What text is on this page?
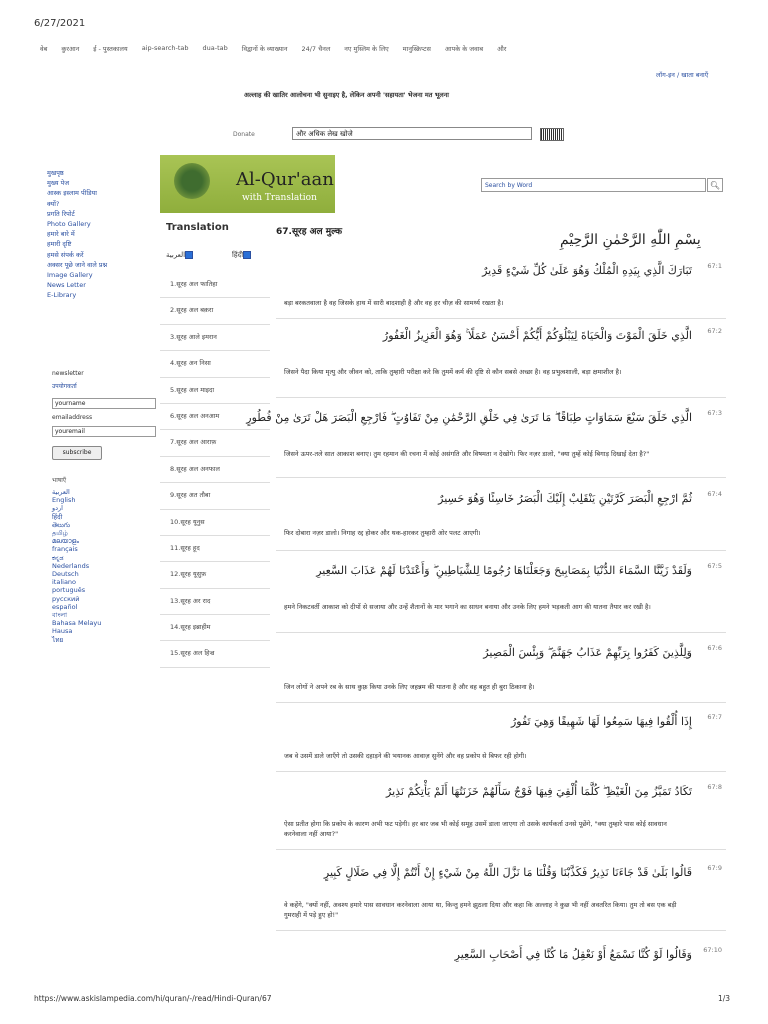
6/27/2021
वेब कुरआन ई - पुस्तकालय aip-search-tab dua-tab विद्वानों के व्याख्यान 24/7 चैनल नए मुस्लिम के लिए मानुस्क्रिप्टस आपके के जवाब और
लॉग-इन / खाता बनाएँ
अल्लाह की खातिर आलोचना भी सुनाइए है, लेकिन अपनी 'सहायता' भेजना मत भूलना
Donate	और अधिक लेख खोजे
मुखपृष्ठ
मुख्य पेज
आस्क इस्लाम पीडिया
क्यों?
प्रगति रिपोर्ट
Photo Gallery
हमारे बारे में
हमारी दृष्टि
हमसे संपर्क करें
अक्सर पूछे जाने वाले प्रश्न
Image Gallery
News Letter
E-Library
newsletter
उपयोगकर्ता
yourname
emailaddress
youremail
subscribe
भाषाएँ
العربية
English
اردو
हिंदी
తెలుగు
தமிழ்
മലയാളം
français
ಕನ್ನಡ
Nederlands
Deutsch
italiano
português
русский
español
বাংলা
Bahasa Melayu
Hausa
ไทย
Al-Qur'aan
with Translation
Search by Word	🔍︎
Translation
العربية	हिंदी
1.सूरह अल फातिहा
2.सूरह अल बक़रा
3.सूरह आले इमरान
4.सूरह अन निसा
5.सूरह अल माइदा
6.सूरह अल अनआम
7.सूरह अल आराफ़
8.सूरह अल अनफाल
9.सूरह अत तौबा
10.सूरह यूनुस
11.सूरह हूद
12.सूरह यूसुफ़
13.सूरह अर राद
14.सूरह इब्राहीम
15.सूरह अल हिज्र
67.सूरह अल मुल्क	بِسْمِ اللّٰهِ الرَّحْمٰنِ الرَّحِيْمِ
67:1
تَبَارَكَ الَّذِي بِيَدِهِ الْمُلْكُ وَهُوَ عَلَىٰ كُلِّ شَيْءٍ قَدِيرٌ
बड़ा बरकतवाला है वह जिसके हाथ में सारी बादशाही है और वह हर चीज़ की सामर्थ्य रखता है।
67:2
الَّذِي خَلَقَ الْمَوْتَ وَالْحَيَاةَ لِيَبْلُوَكُمْ أَيُّكُمْ أَحْسَنُ عَمَلًا ۚ وَهُوَ الْعَزِيزُ الْغَفُورُ
जिसने पैदा किया मृत्यु और जीवन को, ताकि तुम्हारी परीक्षा करे कि तुममें कर्म की दृष्टि से कौन सबसे अच्छा है। वह प्रभुत्वशाली, बड़ा क्षमाशील है।
67:3
الَّذِي خَلَقَ سَبْعَ سَمَاوَاتٍ طِبَاقًا ۖ مَا تَرَىٰ فِي خَلْقِ الرَّحْمَٰنِ مِنْ تَفَاوُتٍ ۖ فَارْجِعِ الْبَصَرَ هَلْ تَرَىٰ مِنْ فُطُورٍ
जिसने ऊपर-तले सात आकाश बनाए। तुम रहमान की रचना में कोई असंगति और विषमता न देखोगे। फिर नज़र डालो, "क्या तुम्हें कोई बिगाड़ दिखाई देता है?"
67:4
ثُمَّ ارْجِعِ الْبَصَرَ كَرَّتَيْنِ يَنْقَلِبْ إِلَيْكَ الْبَصَرُ خَاسِئًا وَهُوَ حَسِيرٌ
फिर दोबारा नज़र डालो। निगाह रद्द होकर और थक-हारकर तुम्हारी ओर पलट आएगी।
67:5
وَلَقَدْ زَيَّنَّا السَّمَاءَ الدُّنْيَا بِمَصَابِيحَ وَجَعَلْنَاهَا رُجُومًا لِلشَّيَاطِينِ ۖ وَأَعْتَدْنَا لَهُمْ عَذَابَ السَّعِيرِ
हमने निकटवर्ती आकाश को दीपों से सजाया और उन्हें शैतानों के मार भगाने का साधन बनाया और उनके लिए हमने भड़कती आग की यातना तैयार कर रखी है।
67:6
وَلِلَّذِينَ كَفَرُوا بِرَبِّهِمْ عَذَابُ جَهَنَّمَ ۖ وَبِئْسَ الْمَصِيرُ
जिन लोगों ने अपने रब के साथ कुफ़्र किया उनके लिए जहन्नम की यातना है और वह बहुत ही बुरा ठिकाना है।
67:7
إِذَا أُلْقُوا فِيهَا سَمِعُوا لَهَا شَهِيقًا وَهِيَ تَفُورُ
जब वे उसमें डाले जाएँगे तो उसकी दहाड़ने की भयानक आवाज़ सुनेंगे और वह प्रकोप से बिफर रही होगी।
67:8
تَكَادُ تَمَيَّزُ مِنَ الْغَيْظِ ۖ كُلَّمَا أُلْقِيَ فِيهَا فَوْجٌ سَأَلَهُمْ خَزَنَتُهَا أَلَمْ يَأْتِكُمْ نَذِيرٌ
ऐसा प्रतीत होगा कि प्रकोप के कारण अभी फट पड़ेगी। हर बार जब भी कोई समूह उसमें डाला जाएगा तो उसके कार्यकर्ता उनसे पूछेंगे, "क्या तुम्हारे पास कोई सावधान करनेवाला नहीं आया?"
67:9
قَالُوا بَلَىٰ قَدْ جَاءَنَا نَذِيرٌ فَكَذَّبْنَا وَقُلْنَا مَا نَزَّلَ اللَّهُ مِنْ شَيْءٍ إِنْ أَنْتُمْ إِلَّا فِي ضَلَالٍ كَبِيرٍ
वे कहेंगे, "क्यों नहीं, अवश्य हमारे पास सावधान करनेवाला आया था, किन्तु हमने झुठला दिया और कहा कि अल्लाह ने कुछ भी नहीं अवतरित किया। तुम तो बस एक बड़ी गुमराही में पड़े हुए हो!"
67:10
وَقَالُوا لَوْ كُنَّا نَسْمَعُ أَوْ نَعْقِلُ مَا كُنَّا فِي أَصْحَابِ السَّعِيرِ
https://www.askislampedia.com/hi/quran/-/read/Hindi-Quran/67	1/3
